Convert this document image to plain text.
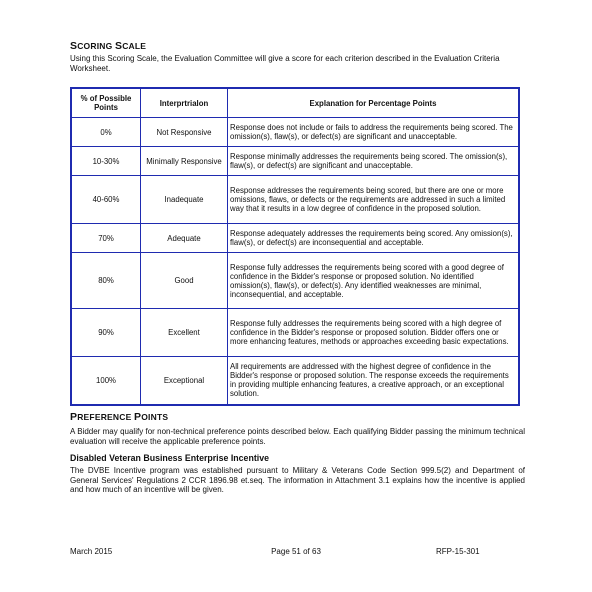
SCORING SCALE
Using this Scoring Scale, the Evaluation Committee will give a score for each criterion described in the Evaluation Criteria Worksheet.
% of Possible Points	Interprtrialon	Explanation for Percentage Points
0%	Not Responsive	Response does not include or fails to address the requirements being scored. The omission(s), flaw(s), or defect(s) are significant and unacceptable.
10-30%	Minimally Responsive	Response minimally addresses the requirements being scored. The omission(s), flaw(s), or defect(s) are significant and unacceptable.
40-60%	Inadequate	Response addresses the requirements being scored, but there are one or more omissions, flaws, or defects or the requirements are addressed in such a limited way that it results in a low degree of confidence in the proposed solution.
70%	Adequate	Response adequately addresses the requirements being scored. Any omission(s), flaw(s), or defect(s) are inconsequential and acceptable.
80%	Good	Response fully addresses the requirements being scored with a good degree of confidence in the Bidder's response or proposed solution. No identified omission(s), flaw(s), or defect(s). Any identified weaknesses are minimal, inconsequential, and acceptable.
90%	Excellent	Response fully addresses the requirements being scored with a high degree of confidence in the Bidder's response or proposed solution. Bidder offers one or more enhancing features, methods or approaches exceeding basic expectations.
100%	Exceptional	All requirements are addressed with the highest degree of confidence in the Bidder's response or proposed solution. The response exceeds the requirements in providing multiple enhancing features, a creative approach, or an exceptional solution.
PREFERENCE POINTS
A Bidder may qualify for non-technical preference points described below. Each qualifying Bidder passing the minimum technical evaluation will receive the applicable preference points.
Disabled Veteran Business Enterprise Incentive
The DVBE Incentive program was established pursuant to Military & Veterans Code Section 999.5(2) and Department of General Services' Regulations 2 CCR 1896.98 et.seq. The information in Attachment 3.1 explains how the incentive is applied and how much of an incentive will be given.
March 2015	Page 51 of 63	RFP-15-301
